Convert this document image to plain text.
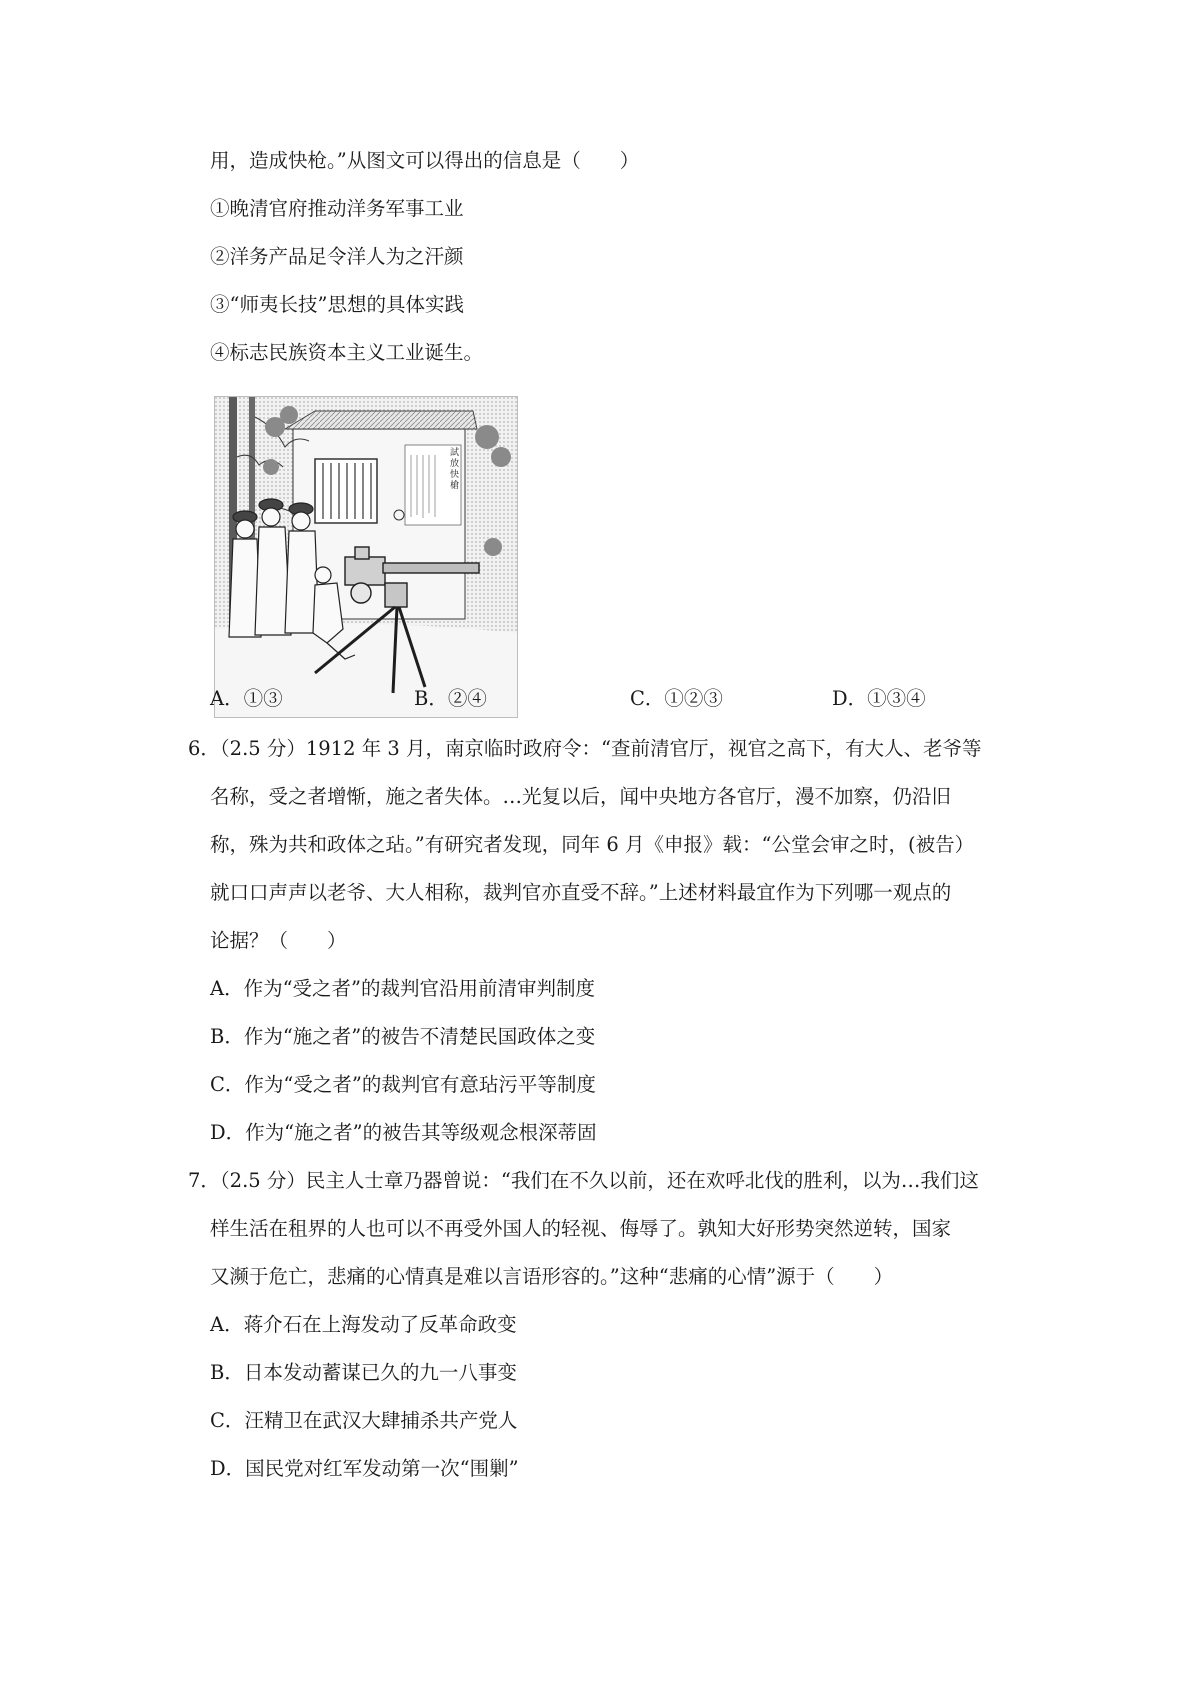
用，造成快枪。”从图文可以得出的信息是（　　）
①晚清官府推动洋务军事工业
②洋务产品足令洋人为之汗颜
③“师夷长技”思想的具体实践
④标志民族资本主义工业诞生。
試放快槍
A．①③	B．②④	C．①②③	D．①③④
6．（2.5 分）1912 年 3 月，南京临时政府令：“查前清官厅，视官之高下，有大人、老爷等
名称，受之者增惭，施之者失体。…光复以后，闻中央地方各官厅，漫不加察，仍沿旧
称，殊为共和政体之玷。”有研究者发现，同年 6 月《申报》载：“公堂会审之时，(被告）
就口口声声以老爷、大人相称，裁判官亦直受不辞。”上述材料最宜作为下列哪一观点的
论据？（　　）
A．作为“受之者”的裁判官沿用前清审判制度
B．作为“施之者”的被告不清楚民国政体之变
C．作为“受之者”的裁判官有意玷污平等制度
D．作为“施之者”的被告其等级观念根深蒂固
7．（2.5 分）民主人士章乃器曾说：“我们在不久以前，还在欢呼北伐的胜利，以为…我们这
样生活在租界的人也可以不再受外国人的轻视、侮辱了。孰知大好形势突然逆转，国家
又濒于危亡，悲痛的心情真是难以言语形容的。”这种“悲痛的心情”源于（　　）
A．蒋介石在上海发动了反革命政变
B．日本发动蓄谋已久的九一八事变
C．汪精卫在武汉大肆捕杀共产党人
D．国民党对红军发动第一次“围剿”
